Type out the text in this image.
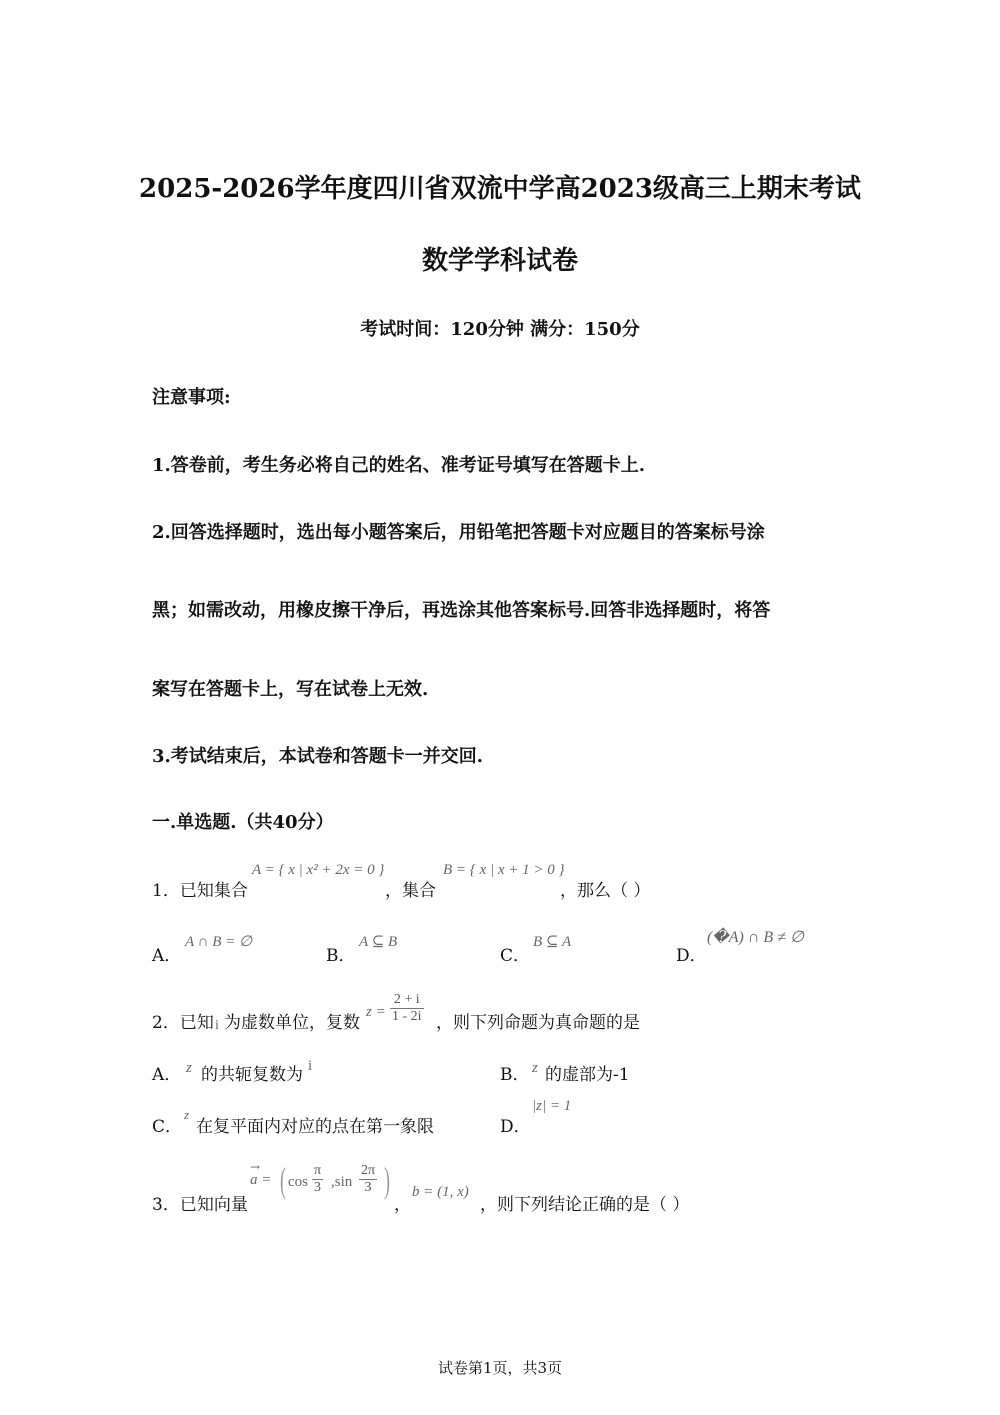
2025-2026学年度四川省双流中学高2023级高三上期末考试
数学学科试卷
考试时间：120分钟 满分：150分
注意事项:
1.答卷前，考生务必将自己的姓名、准考证号填写在答题卡上.
2.回答选择题时，选出每小题答案后，用铅笔把答题卡对应题目的答案标号涂
黑；如需改动，用橡皮擦干净后，再选涂其他答案标号.回答非选择题时，将答
案写在答题卡上，写在试卷上无效.
3.考试结束后，本试卷和答题卡一并交回.
一.单选题.（共40分）
1．已知集合
A = { x | x² + 2x = 0 }
，集合
B = { x | x + 1 > 0 }
，那么（ ）
A．
A ∩ B = ∅
B．
A ⊆ B
C．
B ⊆ A
D．
(�A) ∩ B ≠ ∅
2．已知 i 为虚数单位，复数
$z = \frac{2 + i}{1 - 2i}$ ，则下列命题为真命题的是
A． z 的共轭复数为 i	B． z 的虚部为-1
C．
z
在复平面内对应的点在第一象限	D．
|z| = 1
3．已知向量
→
a = ( $\cos \frac{\pi}{3} ,\sin \frac{2\pi}{3}$ )
，
b = (1, x)
，则下列结论正确的是（ ）
试卷第1页，共3页
